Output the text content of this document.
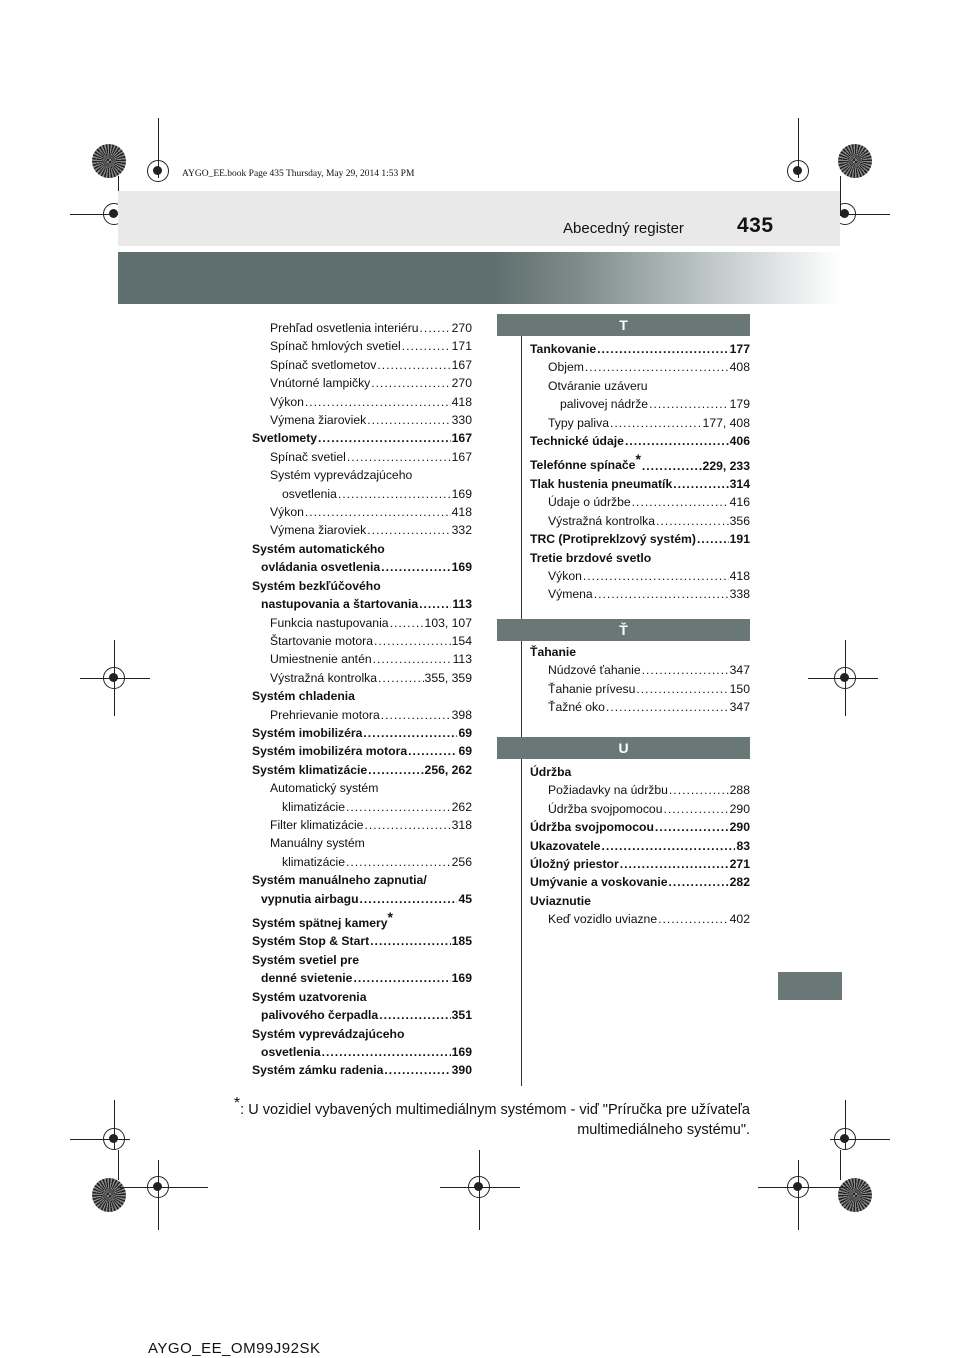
AYGO_EE.book Page 435 Thursday, May 29, 2014 1:53 PM
Abecedný register	435
Prehľad osvetlenia interiéru .....	270
Spínač hmlových svetiel .....	171
Spínač svetlometov .....	167
Vnútorné lampičky .....	270
Výkon .....	418
Výmena žiaroviek .....	330
Svetlomety .....	167
Spínač svetiel .....	167
Systém vyprevádzajúceho
osvetlenia .....	169
Výkon .....	418
Výmena žiaroviek .....	332
Systém automatického
ovládania osvetlenia .....	169
Systém bezkľúčového
nastupovania a štartovania .....	113
Funkcia nastupovania .....	103, 107
Štartovanie motora .....	154
Umiestnenie antén .....	113
Výstražná kontrolka .....	355, 359
Systém chladenia
Prehrievanie motora .....	398
Systém imobilizéra .....	69
Systém imobilizéra motora .....	69
Systém klimatizácie .....	256, 262
Automatický systém
klimatizácie .....	262
Filter klimatizácie .....	318
Manuálny systém
klimatizácie .....	256
Systém manuálneho zapnutia/
vypnutia airbagu .....	45
Systém spätnej kamery*
Systém Stop & Start .....	185
Systém svetiel pre
denné svietenie .....	169
Systém uzatvorenia
palivového čerpadla .....	351
Systém vyprevádzajúceho
osvetlenia .....	169
Systém zámku radenia .....	390
T
Tankovanie .....	177
Objem .....	408
Otváranie uzáveru
palivovej nádrže .....	179
Typy paliva .....	177, 408
Technické údaje .....	406
Telefónne spínače* .....	229, 233
Tlak hustenia pneumatík .....	314
Údaje o údržbe .....	416
Výstražná kontrolka .....	356
TRC (Protipreklzový systém) .....	191
Tretie brzdové svetlo
Výkon .....	418
Výmena .....	338
Ť
Ťahanie
Núdzové ťahanie .....	347
Ťahanie prívesu .....	150
Ťažné oko .....	347
U
Údržba
Požiadavky na údržbu .....	288
Údržba svojpomocou .....	290
Údržba svojpomocou .....	290
Ukazovatele .....	83
Úložný priestor .....	271
Umývanie a voskovanie .....	282
Uviaznutie
Keď vozidlo uviazne .....	402
*: U vozidiel vybavených multimediálnym systémom - viď "Príručka pre užívateľa
multimediálneho systému".
AYGO_EE_OM99J92SK
